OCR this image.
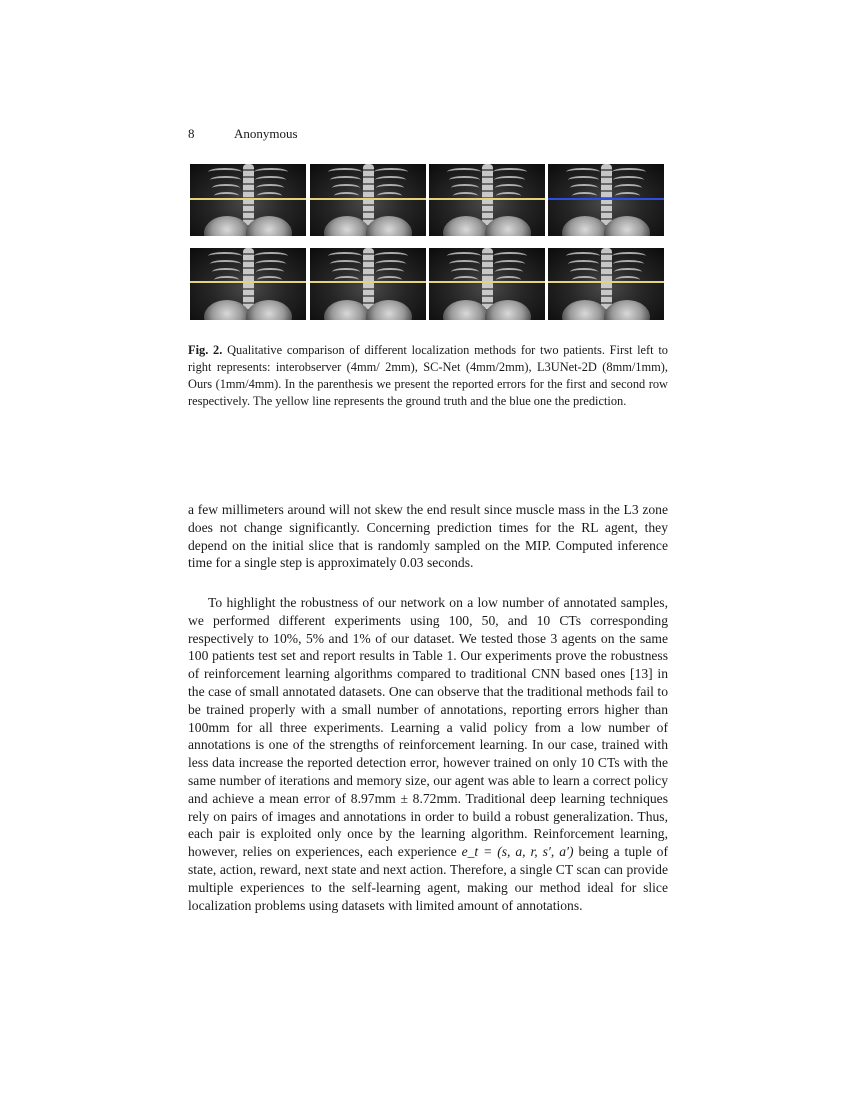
8	Anonymous
Fig. 2. Qualitative comparison of different localization methods for two patients. First left to right represents: interobserver (4mm/ 2mm), SC-Net (4mm/2mm), L3UNet-2D (8mm/1mm), Ours (1mm/4mm). In the parenthesis we present the reported errors for the first and second row respectively. The yellow line represents the ground truth and the blue one the prediction.

a few millimeters around will not skew the end result since muscle mass in the L3 zone does not change significantly. Concerning prediction times for the RL agent, they depend on the initial slice that is randomly sampled on the MIP. Computed inference time for a single step is approximately 0.03 seconds.

To highlight the robustness of our network on a low number of annotated samples, we performed different experiments using 100, 50, and 10 CTs corresponding respectively to 10%, 5% and 1% of our dataset. We tested those 3 agents on the same 100 patients test set and report results in Table 1. Our experiments prove the robustness of reinforcement learning algorithms compared to traditional CNN based ones [13] in the case of small annotated datasets. One can observe that the traditional methods fail to be trained properly with a small number of annotations, reporting errors higher than 100mm for all three experiments. Learning a valid policy from a low number of annotations is one of the strengths of reinforcement learning. In our case, trained with less data increase the reported detection error, however trained on only 10 CTs with the same number of iterations and memory size, our agent was able to learn a correct policy and achieve a mean error of 8.97mm ± 8.72mm. Traditional deep learning techniques rely on pairs of images and annotations in order to build a robust generalization. Thus, each pair is exploited only once by the learning algorithm. Reinforcement learning, however, relies on experiences, each experience e_t = (s, a, r, s′, a′) being a tuple of state, action, reward, next state and next action. Therefore, a single CT scan can provide multiple experiences to the self-learning agent, making our method ideal for slice localization problems using datasets with limited amount of annotations.
